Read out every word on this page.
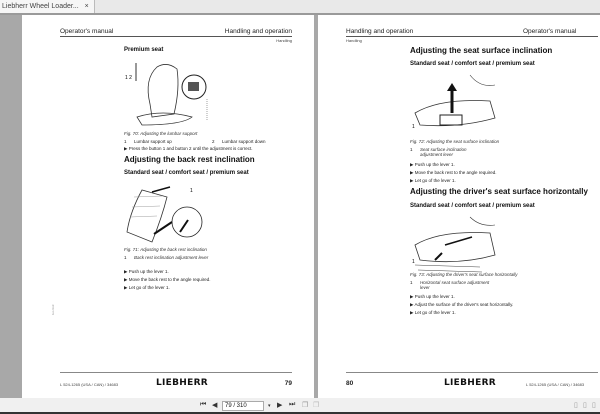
Liebherr Wheel Loader... ×
Operator's manual	Handling and operation
Handling
Premium seat
1 2
Fig. 70: Adjusting the lumbar support
1 Lumbar support up	2 Lumbar support down
▶ Press the button 1 and button 2 until the adjustment is correct.
Adjusting the back rest inclination
Standard seat / comfort seat / premium seat
1
Fig. 71: Adjusting the back rest inclination
1 Back rest inclination adjustment lever
▶ Push up the lever 1.
▶ Move the back rest to the angle required.
▶ Let go of the lever 1.
lwt-nbdr
L 524-1265 (USA / CAN) / 34683	LIEBHERR	79
Handling and operation	Operator's manual
Handling
Adjusting the seat surface inclination
Standard seat / comfort seat / premium seat
1
Fig. 72: Adjusting the seat surface inclination
1 Seat surface inclination adjustment lever
▶ Push up the lever 1.
▶ Move the back rest to the angle required.
▶ Let go of the lever 1.
Adjusting the driver's seat surface horizontally
Standard seat / comfort seat / premium seat
1
Fig. 73: Adjusting the driver's seat surface horizontally
1 Horizontal seat surface adjustment lever
▶ Push up the lever 1.
▶ Adjust the surface of the driver's seat horizontally.
▶ Let go of the lever 1.
80	LIEBHERR	L 524-1265 (USA / CAN) / 34683
⏮ ◀	79 / 310	▾ ▶ ⏭ ❐ ❐	▯ ▯ ▯
